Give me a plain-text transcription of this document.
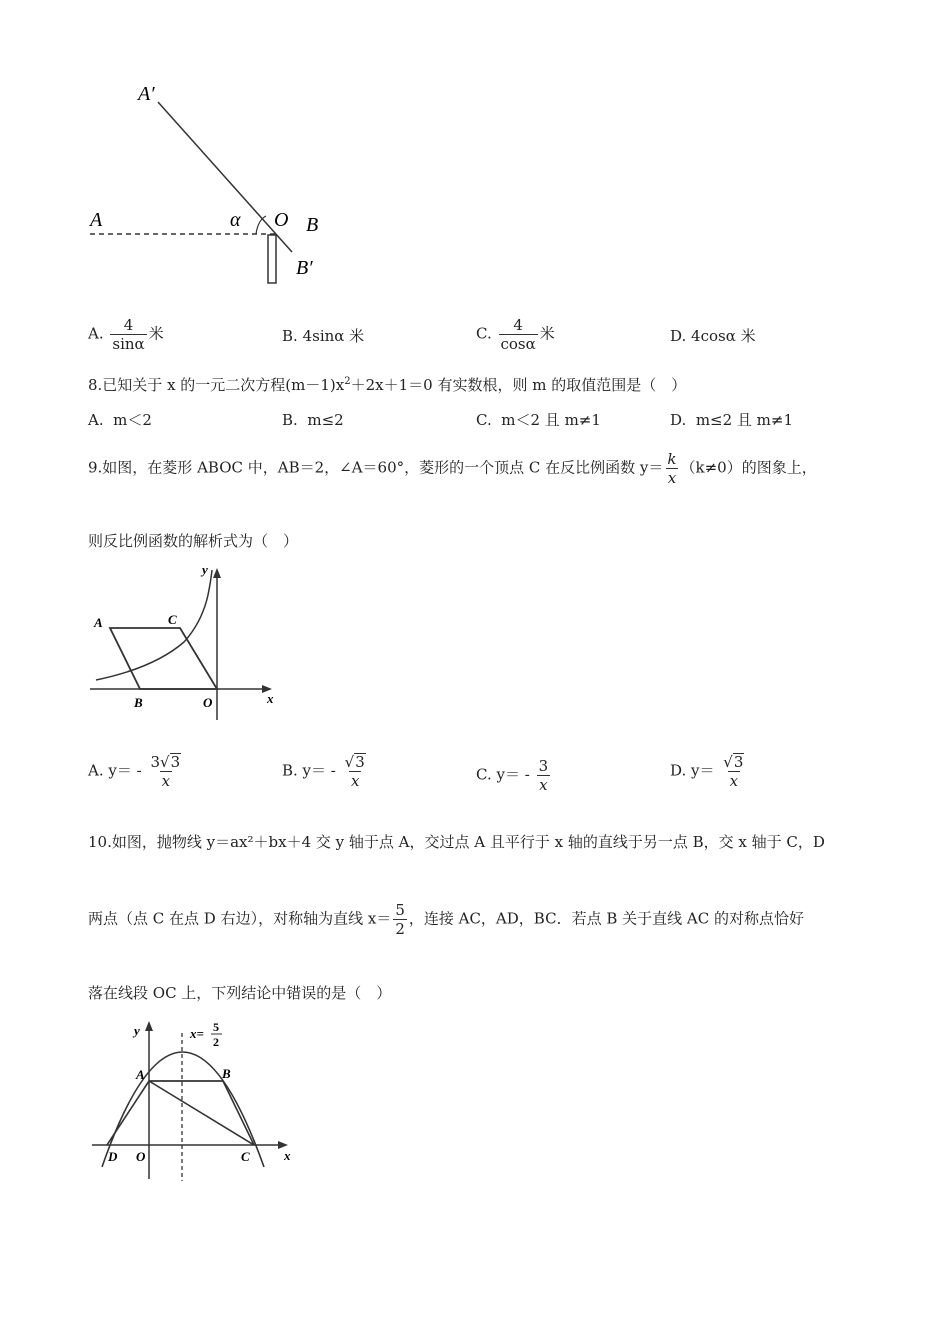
A′
A	α O B
B′
A. $\frac{4}{\sin\alpha}$ 米	B. 4sinα 米	C. $\frac{4}{\cos\alpha}$ 米	D. 4cosα 米
8.已知关于 x 的一元二次方程$(m-1)x^2+2x+1=0$ 有实数根，则 m 的取值范围是（　）
A. m＜2	B. m≤2	C. m＜2 且 m≠1	D. m≤2 且 m≠1
9.如图，在菱形 ABOC 中，AB＝2，∠A＝60°，菱形的一个顶点 C 在反比例函数 $y= \frac{k}{x} (k\ne 0)$的图象上，
则反比例函数的解析式为（　）
y
A	C
B	O	x
A. $y= - \frac{3√3}{x}$	B. $y= - \frac{√3}{x}$	C. $y= - \frac{3}{x}$	D. $y= \frac{√3}{x}$
10.如图，抛物线 y＝ax²＋bx＋4 交 y 轴于点 A，交过点 A 且平行于 x 轴的直线于另一点 B，交 x 轴于 C，D
两点（点 C 在点 D 右边），对称轴为直线 $x= \frac{5}{2}$ ，连接 AC，AD，BC．若点 B 关于直线 AC 的对称点恰好
落在线段 OC 上，下列结论中错误的是（　）
y	x= 5
2
A	B
D O	C	x
